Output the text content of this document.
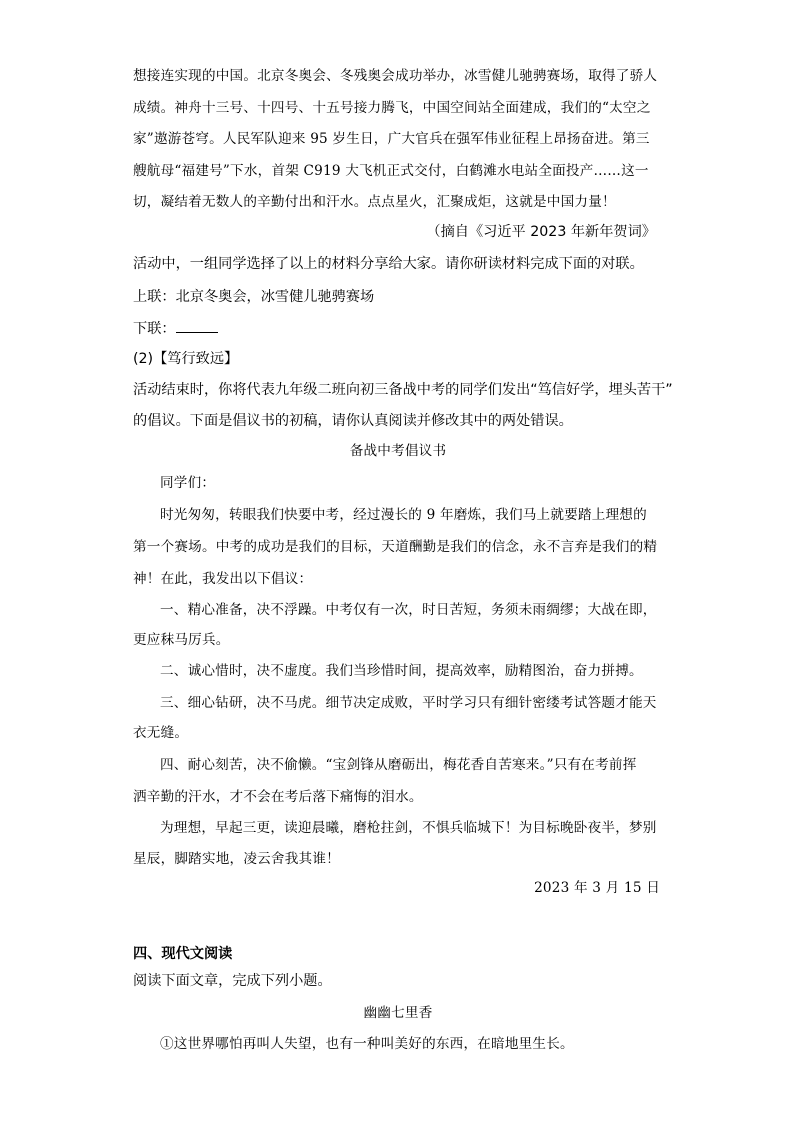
想接连实现的中国。北京冬奥会、冬残奥会成功举办，冰雪健儿驰骋赛场，取得了骄人
成绩。神舟十三号、十四号、十五号接力腾飞，中国空间站全面建成，我们的“太空之
家”遨游苍穹。人民军队迎来 95 岁生日，广大官兵在强军伟业征程上昂扬奋进。第三
艘航母“福建号”下水，首架 C919 大飞机正式交付，白鹤滩水电站全面投产……这一
切，凝结着无数人的辛勤付出和汗水。点点星火，汇聚成炬，这就是中国力量！
（摘自《习近平 2023 年新年贺词》
活动中，一组同学选择了以上的材料分享给大家。请你研读材料完成下面的对联。
上联：北京冬奥会，冰雪健儿驰骋赛场
下联：
(2)【笃行致远】
活动结束时，你将代表九年级二班向初三备战中考的同学们发出“笃信好学，埋头苦干”
的倡议。下面是倡议书的初稿，请你认真阅读并修改其中的两处错误。
备战中考倡议书
同学们：
时光匆匆，转眼我们快要中考，经过漫长的 9 年磨炼，我们马上就要踏上理想的
第一个赛场。中考的成功是我们的目标，天道酬勤是我们的信念，永不言弃是我们的精
神！在此，我发出以下倡议：
一、精心准备，决不浮躁。中考仅有一次，时日苦短，务须未雨绸缪；大战在即，
更应秣马厉兵。
二、诚心惜时，决不虚度。我们当珍惜时间，提高效率，励精图治，奋力拼搏。
三、细心钻研，决不马虎。细节决定成败，平时学习只有细针密缕考试答题才能天
衣无缝。
四、耐心刻苦，决不偷懒。“宝剑锋从磨砺出，梅花香自苦寒来。”只有在考前挥
洒辛勤的汗水，才不会在考后落下痛悔的泪水。
为理想，早起三更，读迎晨曦，磨枪拄剑，不惧兵临城下！为目标晚卧夜半，梦别
星辰，脚踏实地，凌云舍我其谁！
2023 年 3 月 15 日
四、现代文阅读
阅读下面文章，完成下列小题。
幽幽七里香
①这世界哪怕再叫人失望，也有一种叫美好的东西，在暗地里生长。
